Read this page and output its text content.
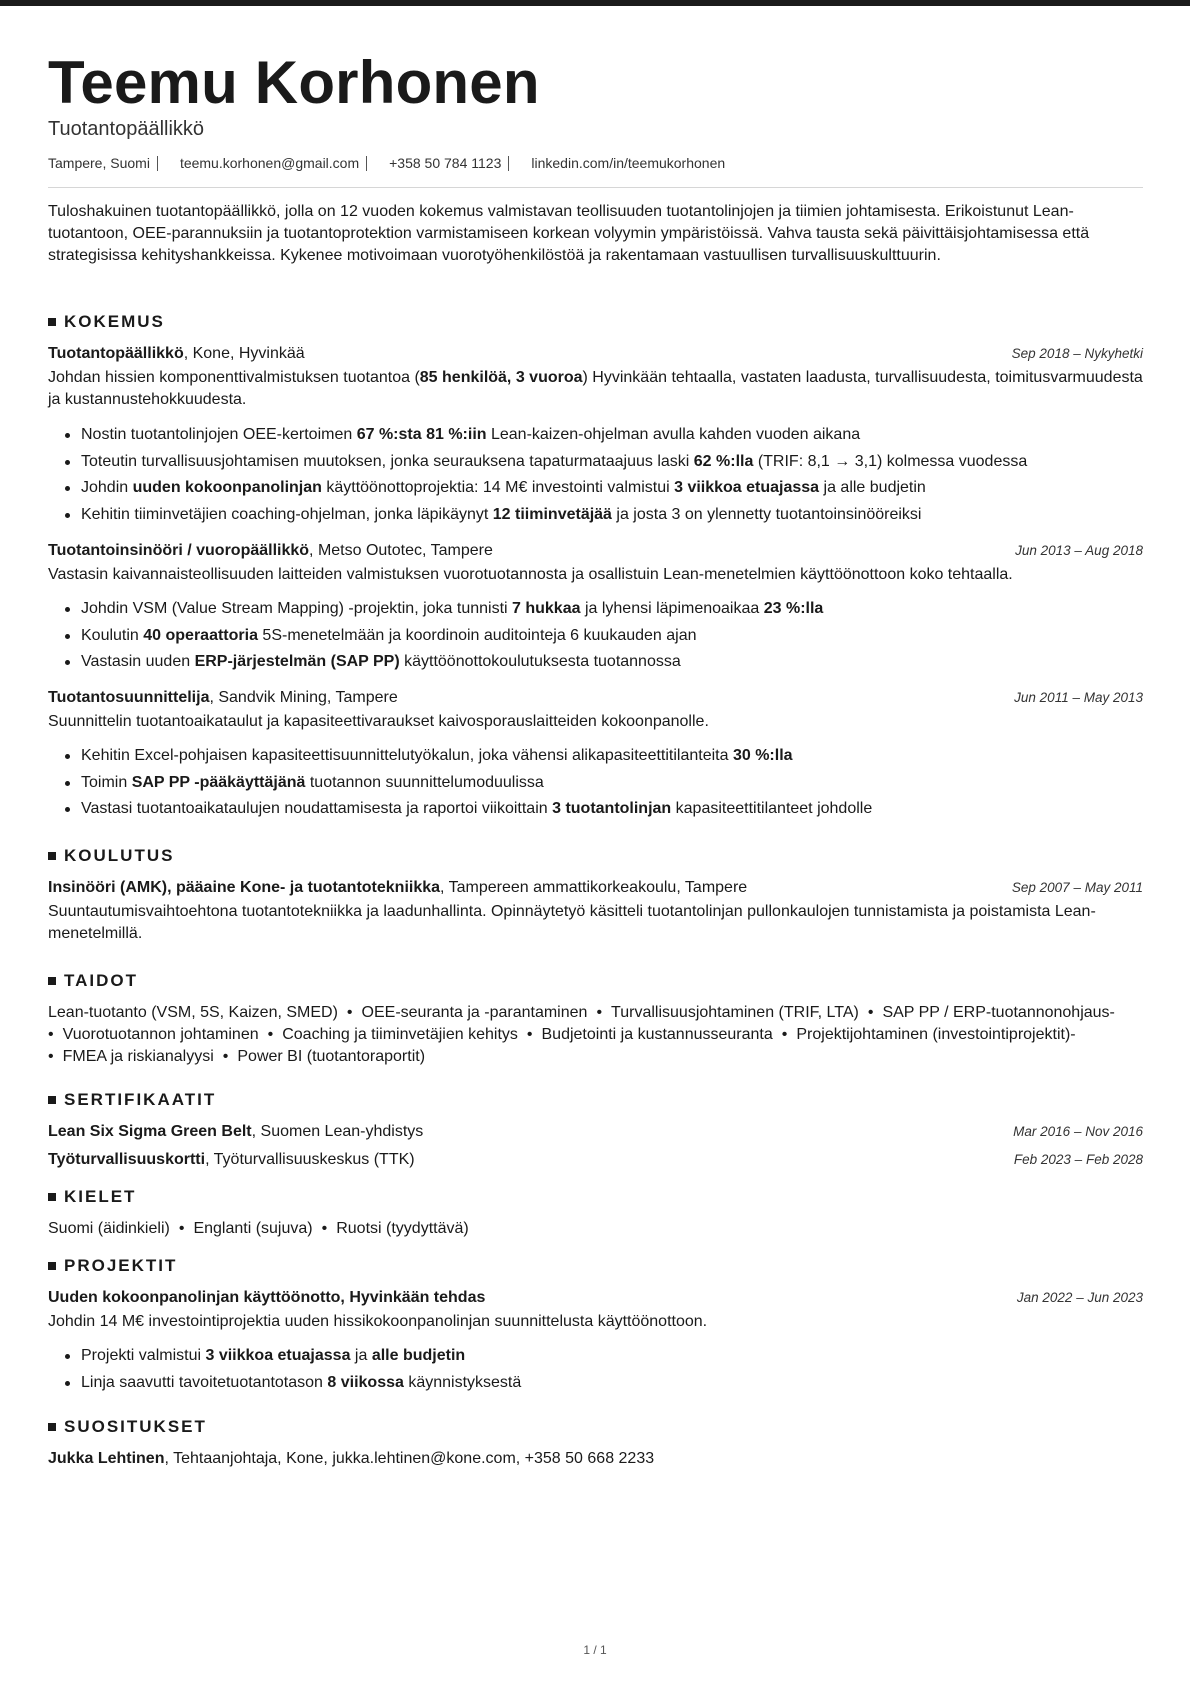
Teemu Korhonen
Tuotantopäällikkö
Tampere, Suomi teemu.korhonen@gmail.com +358 50 784 1123 linkedin.com/in/teemukorhonen
Tuloshakuinen tuotantopäällikkö, jolla on 12 vuoden kokemus valmistavan teollisuuden tuotantolinjojen ja tiimien johtamisesta. Erikoistunut Lean-tuotantoon, OEE-parannuksiin ja tuotantoprotektion varmistamiseen korkean volyymin ympäristöissä. Vahva tausta sekä päivittäisjohtamisessa että strategisissa kehityshankkeissa. Kykenee motivoimaan vuorotyöhenkilöstöä ja rakentamaan vastuullisen turvallisuuskulttuurin.
KOKEMUS
Tuotantopäällikkö, Kone, Hyvinkää	Sep 2018 – Nykyhetki
Johdan hissien komponenttivalmistuksen tuotantoa (85 henkilöä, 3 vuoroa) Hyvinkään tehtaalla, vastaten laadusta, turvallisuudesta, toimitusvarmuudesta ja kustannustehokkuudesta.
Nostin tuotantolinjojen OEE-kertoimen 67 %:sta 81 %:iin Lean-kaizen-ohjelman avulla kahden vuoden aikana
Toteutin turvallisuusjohtamisen muutoksen, jonka seurauksena tapaturmataajuus laski 62 %:lla (TRIF: 8,1 → 3,1) kolmessa vuodessa
Johdin uuden kokoonpanolinjan käyttöönottoprojektia: 14 M€ investointi valmistui 3 viikkoa etuajassa ja alle budjetin
Kehitin tiiminvetäjien coaching-ohjelman, jonka läpikäynyt 12 tiiminvetäjää ja josta 3 on ylennetty tuotantoinsinööreiksi
Tuotantoinsinööri / vuoropäällikkö, Metso Outotec, Tampere	Jun 2013 – Aug 2018
Vastasin kaivannaisteollisuuden laitteiden valmistuksen vuorotuotannosta ja osallistuin Lean-menetelmien käyttöönottoon koko tehtaalla.
Johdin VSM (Value Stream Mapping) -projektin, joka tunnisti 7 hukkaa ja lyhensi läpimenoaikaa 23 %:lla
Koulutin 40 operaattoria 5S-menetelmään ja koordinoin auditointeja 6 kuukauden ajan
Vastasin uuden ERP-järjestelmän (SAP PP) käyttöönottokoulutuksesta tuotannossa
Tuotantosuunnittelija, Sandvik Mining, Tampere	Jun 2011 – May 2013
Suunnittelin tuotantoaikataulut ja kapasiteettivaraukset kaivosporauslaitteiden kokoonpanolle.
Kehitin Excel-pohjaisen kapasiteettisuunnittelutyökalun, joka vähensi alikapasiteettitilanteita 30 %:lla
Toimin SAP PP -pääkäyttäjänä tuotannon suunnittelumoduulissa
Vastasi tuotantoaikataulujen noudattamisesta ja raportoi viikoittain 3 tuotantolinjan kapasiteettitilanteet johdolle
KOULUTUS
Insinööri (AMK), pääaine Kone- ja tuotantotekniikka, Tampereen ammattikorkeakoulu, Tampere	Sep 2007 – May 2011
Suuntautumisvaihtoehtona tuotantotekniikka ja laadunhallinta. Opinnäytetyö käsitteli tuotantolinjan pullonkaulojen tunnistamista ja poistamista Lean-menetelmillä.
TAIDOT
Lean-tuotanto (VSM, 5S, Kaizen, SMED) • OEE-seuranta ja -parantaminen • Turvallisuusjohtaminen (TRIF, LTA) • SAP PP / ERP-tuotannonohjaus-
• Vuorotuotannon johtaminen • Coaching ja tiiminvetäjien kehitys • Budjetointi ja kustannusseuranta • Projektijohtaminen (investointiprojektit)-
• FMEA ja riskianalyysi • Power BI (tuotantoraportit)
SERTIFIKAATIT
Lean Six Sigma Green Belt, Suomen Lean-yhdistys	Mar 2016 – Nov 2016
Työturvallisuuskortti, Työturvallisuuskeskus (TTK)	Feb 2023 – Feb 2028
KIELET
Suomi (äidinkieli) • Englanti (sujuva) • Ruotsi (tyydyttävä)
PROJEKTIT
Uuden kokoonpanolinjan käyttöönotto, Hyvinkään tehdas	Jan 2022 – Jun 2023
Johdin 14 M€ investointiprojektia uuden hissikokoonpanolinjan suunnittelusta käyttöönottoon.
Projekti valmistui 3 viikkoa etuajassa ja alle budjetin
Linja saavutti tavoitetuotantotason 8 viikossa käynnistyksestä
SUOSITUKSET
Jukka Lehtinen, Tehtaanjohtaja, Kone, jukka.lehtinen@kone.com, +358 50 668 2233
1 / 1
